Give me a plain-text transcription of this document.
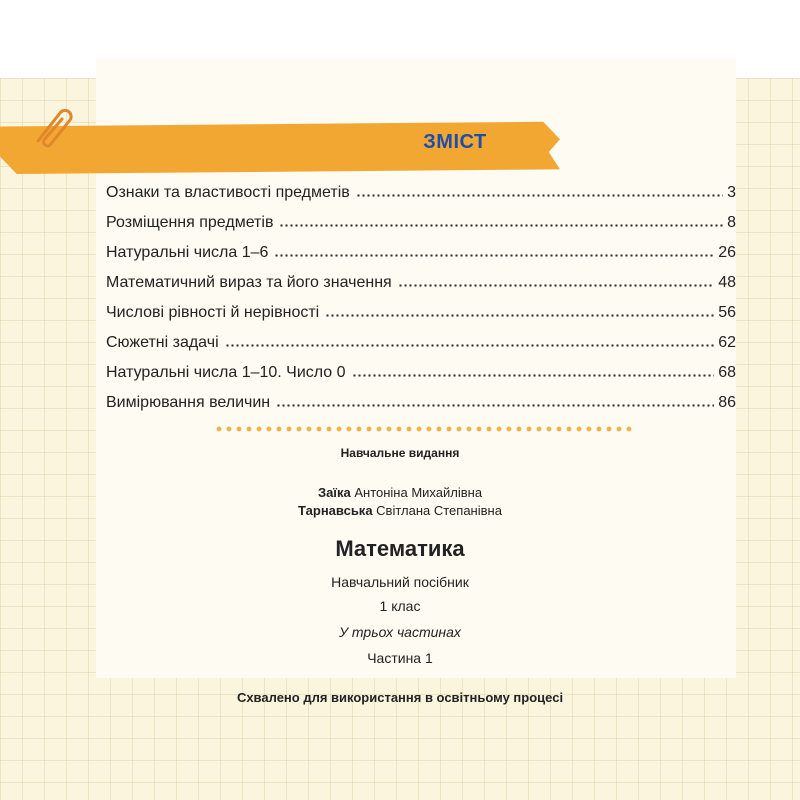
ЗМІСТ
Ознаки та властивості предметів	3
Розміщення предметів	8
Натуральні числа 1–6	26
Математичний вираз та його значення	48
Числові рівності й нерівності	56
Сюжетні задачі	62
Натуральні числа 1–10. Число 0	68
Вимірювання величин	86
Навчальне видання
Заїка Антоніна Михайлівна
Тарнавська Світлана Степанівна
Математика
Навчальний посібник
1 клас
У трьох частинах
Частина 1
Схвалено для використання в освітньому процесі
